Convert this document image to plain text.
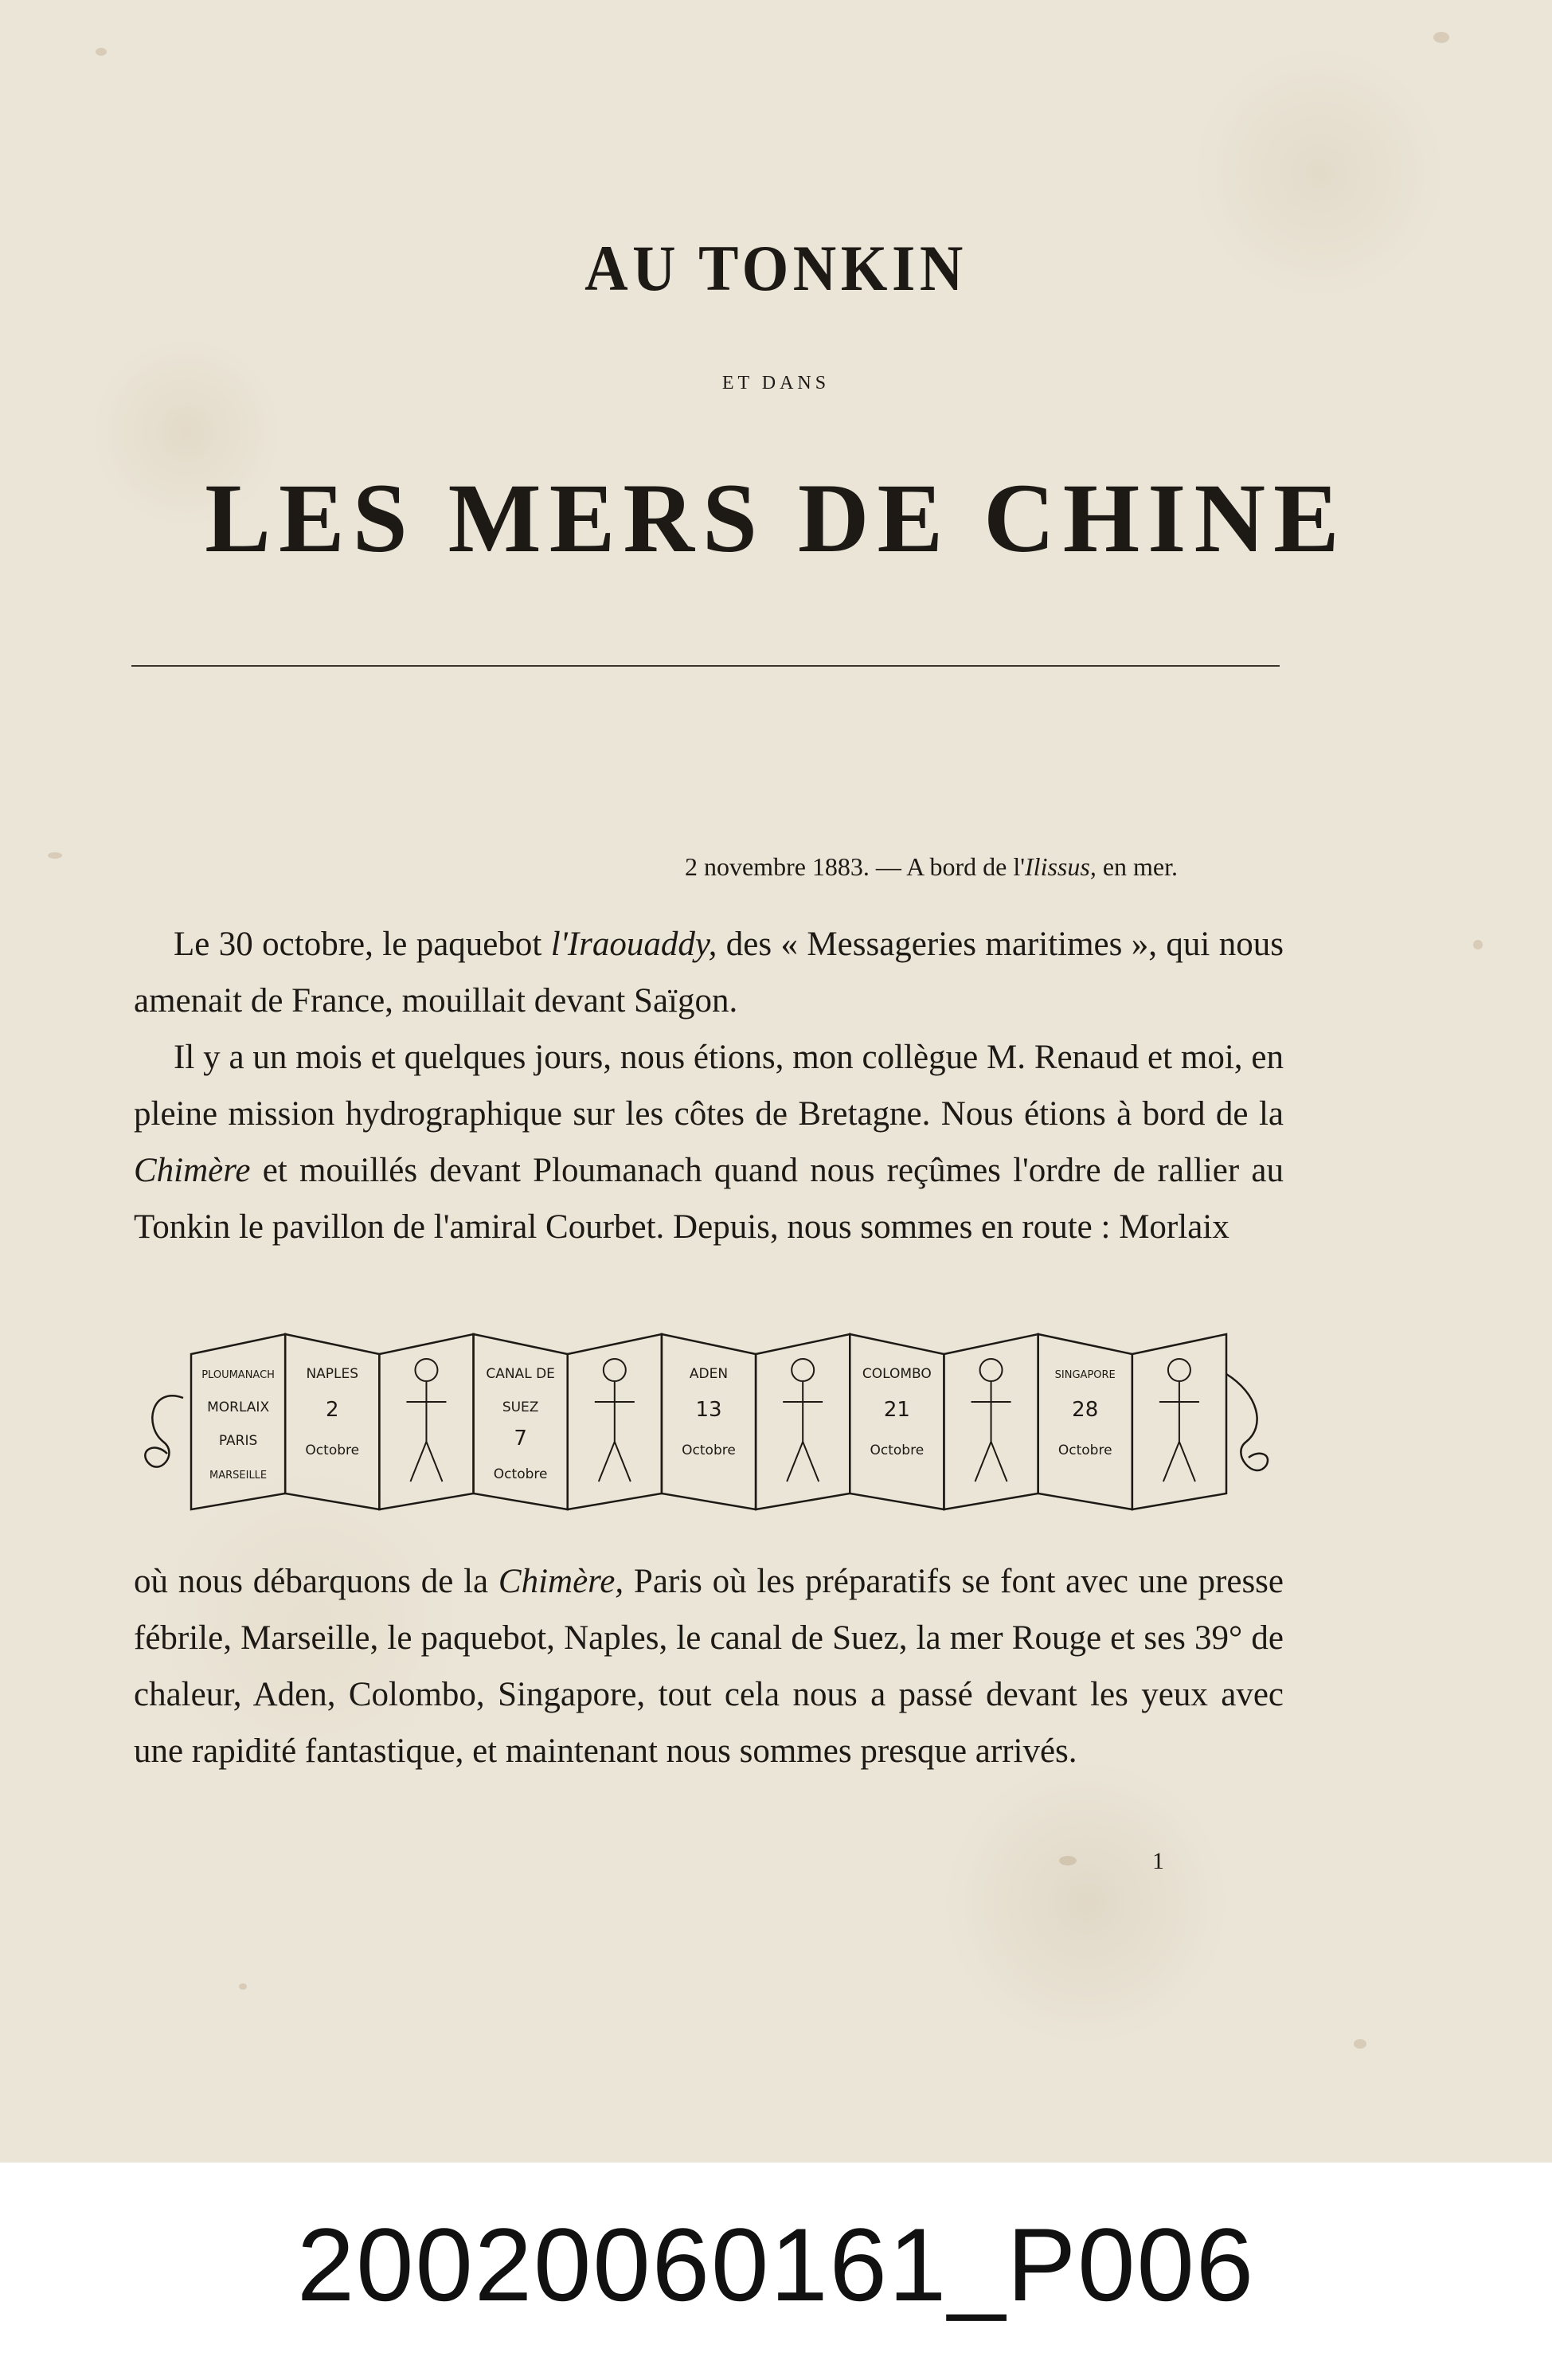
AU TONKIN
ET DANS
LES MERS DE CHINE
2 novembre 1883. — A bord de l'Ilissus, en mer.

Le 30 octobre, le paquebot l'Iraouaddy, des « Messageries maritimes », qui nous amenait de France, mouillait devant Saïgon.

Il y a un mois et quelques jours, nous étions, mon collègue M. Renaud et moi, en pleine mission hydrographique sur les côtes de Bretagne. Nous étions à bord de la Chimère et mouillés devant Ploumanach quand nous reçûmes l'ordre de rallier au Tonkin le pavillon de l'amiral Courbet. Depuis, nous sommes en route : Morlaix

PLOUMANACH
MORLAIX
PARIS
MARSEILLE
NAPLES
2
Octobre
CANAL DE
SUEZ
7
Octobre
ADEN
13
Octobre
COLOMBO
21
Octobre
SINGAPORE
28
Octobre

où nous débarquons de la Chimère, Paris où les préparatifs se font avec une presse fébrile, Marseille, le paquebot, Naples, le canal de Suez, la mer Rouge et ses 39° de chaleur, Aden, Colombo, Singapore, tout cela nous a passé devant les yeux avec une rapidité fantastique, et maintenant nous sommes presque arrivés.

1
20020060161_P006
